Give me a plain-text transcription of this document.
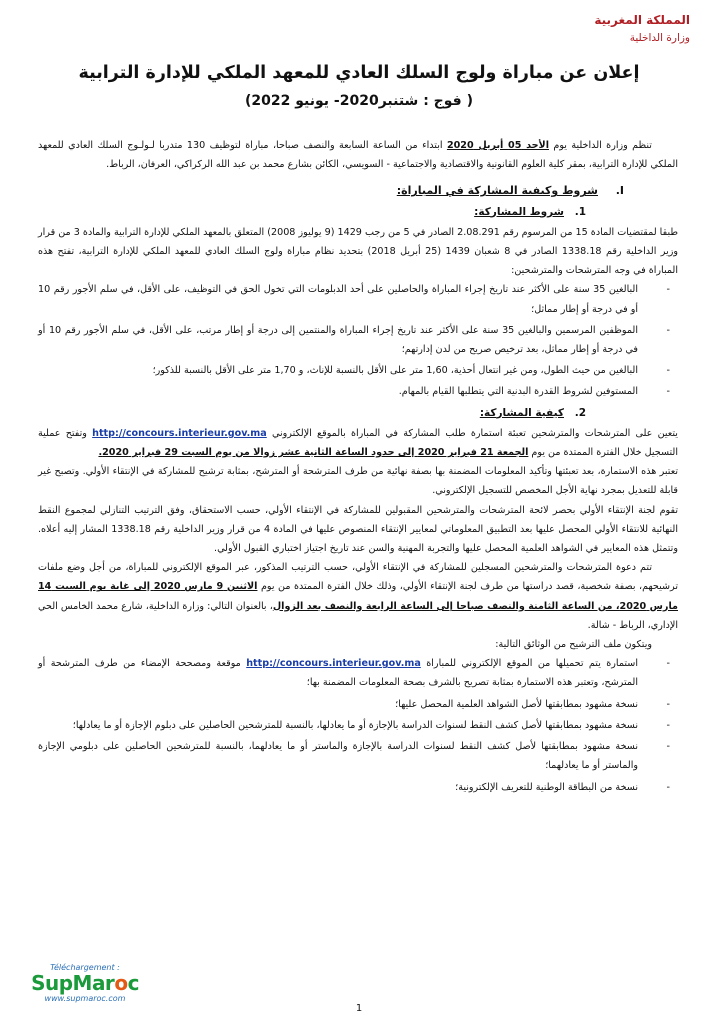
المملكة المغربية
وزارة الداخلية
إعلان عن مباراة ولوج السلك العادي للمعهد الملكي للإدارة الترابية
( فوج : شتنبر2020- يونيو 2022)

تنظم وزارة الداخلية يوم الأحد 05 أبريل 2020 ابتداء من الساعة السابعة والنصف صباحا، مباراة لتوظيف 130 متدربا لـولـوج السلك العادي للمعهد الملكي للإدارة الترابية، بمقر كلية العلوم القانونية والاقتصادية والاجتماعية - السويسي، الكائن بشارع محمد بن عبد الله الركراكي، العرفان، الرباط.

I.شروط وكيفية المشاركة في المباراة:
1.شروط المشاركة:

طبقا لمقتضيات المادة 15 من المرسوم رقم 2.08.291 الصادر في 5 من رجب 1429 (9 يوليوز 2008) المتعلق بالمعهد الملكي للإدارة الترابية والمادة 3 من قرار وزير الداخلية رقم 1338.18 الصادر في 8 شعبان 1439 (25 أبريل 2018) بتحديد نظام مباراة ولوج السلك العادي للمعهد الملكي للإدارة الترابية، تفتح هذه المباراة في وجه المترشحات والمترشحين:

-
البالغين 35 سنة على الأكثر عند تاريخ إجراء المباراة والحاصلين على أحد الدبلومات التي تخول الحق في التوظيف، على الأقل، في سلم الأجور رقم 10 أو في درجة أو إطار مماثل؛
-
الموظفين المرسمين والبالغين 35 سنة على الأكثر عند تاريخ إجراء المباراة والمنتمين إلى درجة أو إطار مرتب، على الأقل، في سلم الأجور رقم 10 أو في درجة أو إطار مماثل، بعد ترخيص صريح من لدن إدارتهم؛
-
البالغين من حيث الطول، ومن غير انتعال أحذية، 1,60 متر على الأقل بالنسبة للإناث، و 1,70 متر على الأقل بالنسبة للذكور؛
-
المستوفين لشروط القدرة البدنية التي يتطلبها القيام بالمهام.
2.كيفية المشاركة:

يتعين على المترشحات والمترشحين تعبئة استمارة طلب المشاركة في المباراة بالموقع الإلكتروني http://concours.interieur.gov.ma وتفتح عملية التسجيل خلال الفترة الممتدة من يوم الجمعة 21 فبراير 2020 إلى حدود الساعة الثانية عشر زوالا من يوم السبت 29 فبراير 2020.

تعتبر هذه الاستمارة، بعد تعبئتها وتأكيد المعلومات المضمنة بها بصفة نهائية من طرف المترشحة أو المترشح، بمثابة ترشيح للمشاركة في الإنتقاء الأولي. وتصبح غير قابلة للتعديل بمجرد نهاية الأجل المخصص للتسجيل الإلكتروني.

تقوم لجنة الإنتقاء الأولي بحصر لائحة المترشحات والمترشحين المقبولين للمشاركة في الإنتقاء الأولي، حسب الاستحقاق، وفق الترتيب التنازلي لمجموع النقط النهائية للانتقاء الأولي المحصل عليها بعد التطبيق المعلوماتي لمعايير الإنتقاء المنصوص عليها في المادة 4 من قرار وزير الداخلية رقم 1338.18 المشار إليه أعلاه. وتتمثل هذه المعايير في الشواهد العلمية المحصل عليها والتجربة المهنية والسن عند تاريخ اجتياز اختباري القبول الأولي.

تتم دعوة المترشحات والمترشحين المسجلين للمشاركة في الإنتقاء الأولي، حسب الترتيب المذكور، عبر الموقع الإلكتروني للمباراة، من أجل وضع ملفات ترشيحهم، بصفة شخصية، قصد دراستها من طرف لجنة الإنتقاء الأولي، وذلك خلال الفترة الممتدة من يوم الاثنين 9 مارس 2020 إلى غاية يوم السبت 14 مارس 2020، من الساعة الثامنة والنصف صباحا إلى الساعة الرابعة والنصف بعد الزوال، بالعنوان التالي: وزارة الداخلية، شارع محمد الخامس الحي الإداري، الرباط - شالة.

ويتكون ملف الترشيح من الوثائق التالية:

-
استمارة يتم تحميلها من الموقع الإلكتروني للمباراة http://concours.interieur.gov.ma موقعة ومصححة الإمضاء من طرف المترشحة أو المترشح، وتعتبر هذه الاستمارة بمثابة تصريح بالشرف بصحة المعلومات المضمنة بها؛
-
نسخة مشهود بمطابقتها لأصل الشواهد العلمية المحصل عليها؛
-
نسخة مشهود بمطابقتها لأصل كشف النقط لسنوات الدراسة بالإجازة أو ما يعادلها، بالنسبة للمترشحين الحاصلين على دبلوم الإجازة أو ما يعادلها؛
-
نسخة مشهود بمطابقتها لأصل كشف النقط لسنوات الدراسة بالإجازة والماستر أو ما يعادلهما، بالنسبة للمترشحين الحاصلين على دبلومي الإجازة والماستر أو ما يعادلهما؛
-
نسخة من البطاقة الوطنية للتعريف الإلكترونية؛
Téléchargement :
SupMaroc
www.supmaroc.com
1
